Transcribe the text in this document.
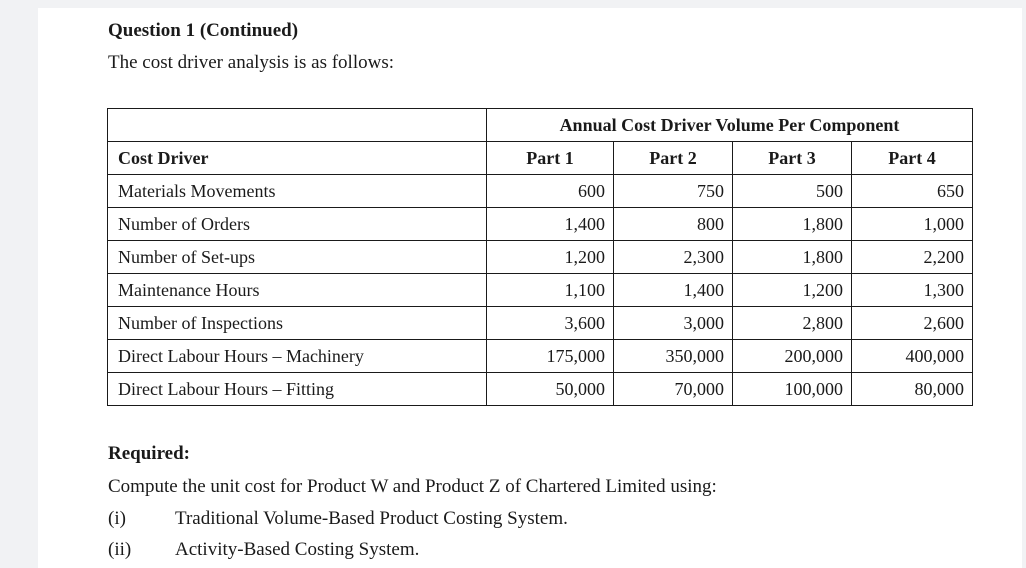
Question 1 (Continued)
The cost driver analysis is as follows:
	Annual Cost Driver Volume Per Component			
Cost Driver	Part 1	Part 2	Part 3	Part 4
Materials Movements	600	750	500	650
Number of Orders	1,400	800	1,800	1,000
Number of Set-ups	1,200	2,300	1,800	2,200
Maintenance Hours	1,100	1,400	1,200	1,300
Number of Inspections	3,600	3,000	2,800	2,600
Direct Labour Hours – Machinery	175,000	350,000	200,000	400,000
Direct Labour Hours – Fitting	50,000	70,000	100,000	80,000
Required:
Compute the unit cost for Product W and Product Z of Chartered Limited using:
(i)	Traditional Volume-Based Product Costing System.
(ii) Activity-Based Costing System.
